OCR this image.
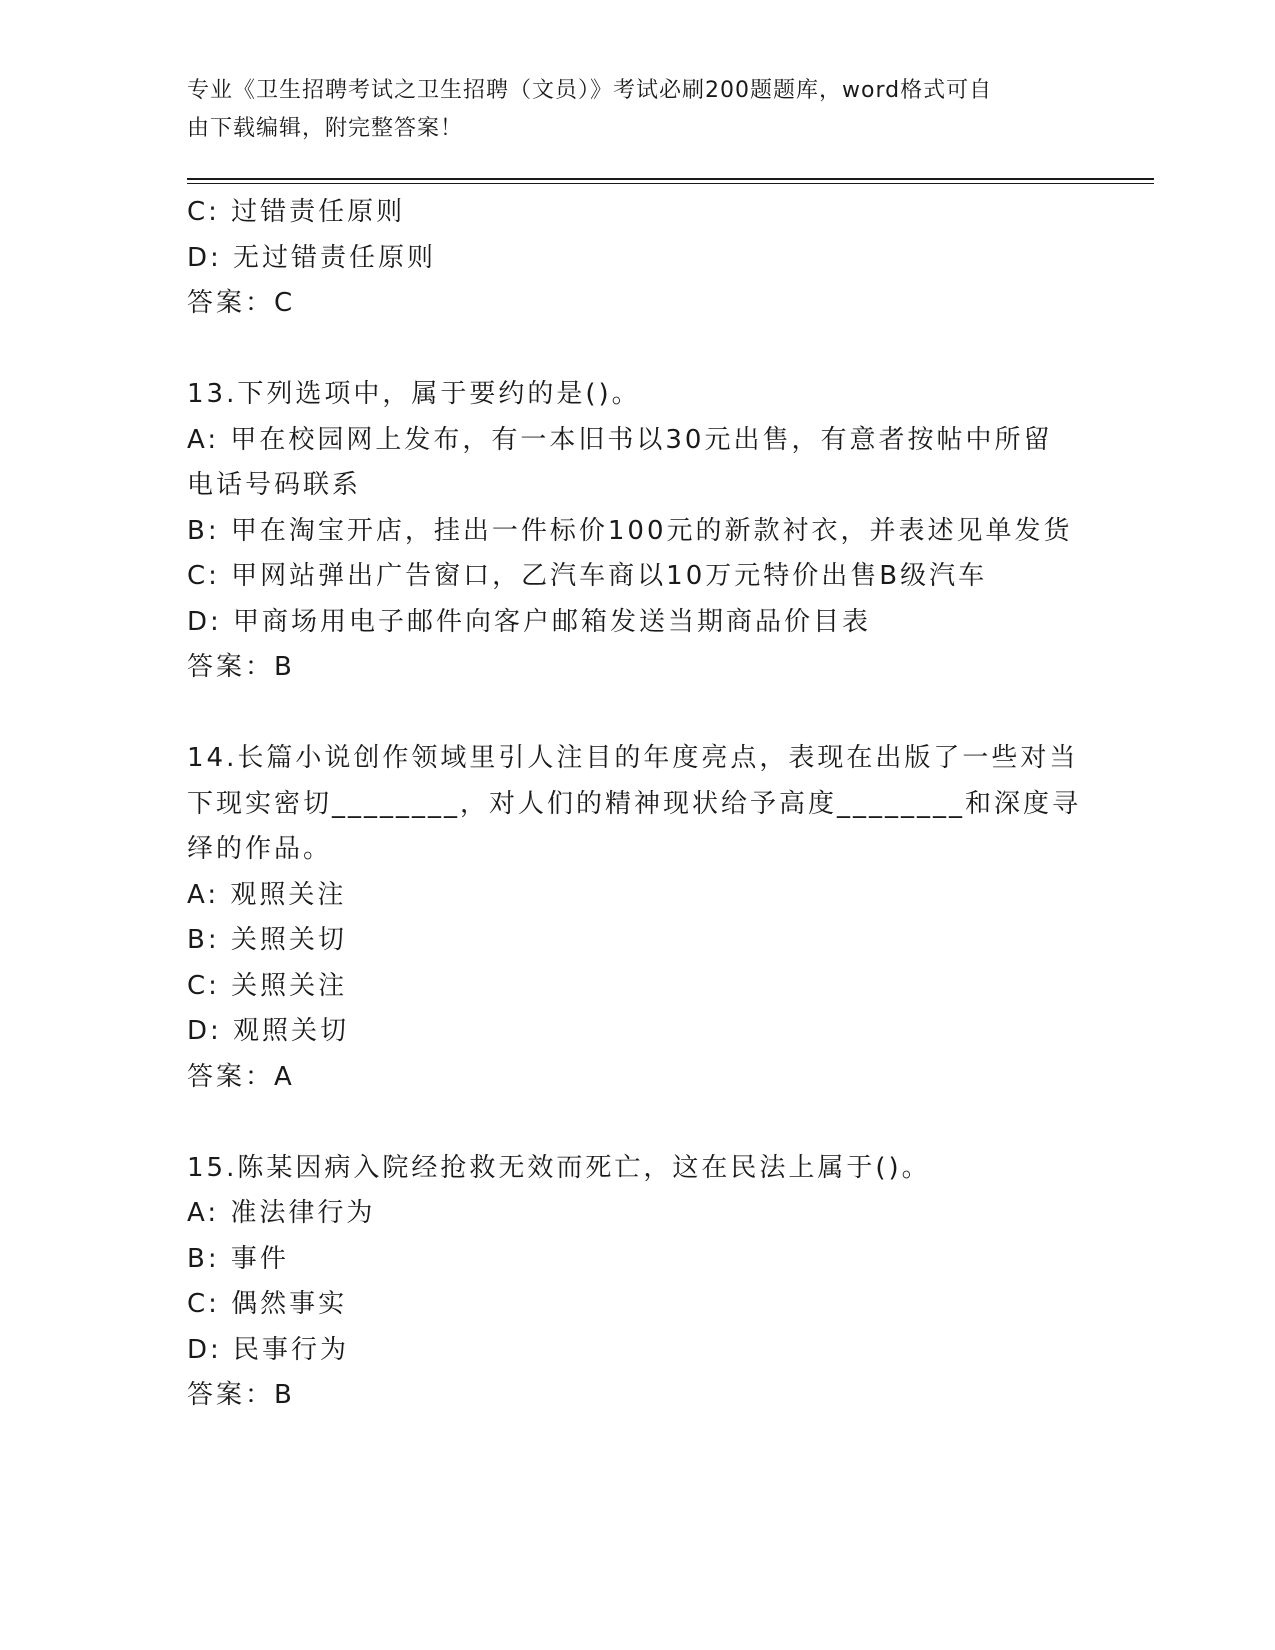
专业《卫生招聘考试之卫生招聘（文员）》考试必刷200题题库，word格式可自
由下载编辑，附完整答案！
C: 过错责任原则
D: 无过错责任原则
答案：C
13.下列选项中，属于要约的是()。
A: 甲在校园网上发布，有一本旧书以30元出售，有意者按帖中所留
电话号码联系
B: 甲在淘宝开店，挂出一件标价100元的新款衬衣，并表述见单发货
C: 甲网站弹出广告窗口，乙汽车商以10万元特价出售B级汽车
D: 甲商场用电子邮件向客户邮箱发送当期商品价目表
答案：B
14.长篇小说创作领域里引人注目的年度亮点，表现在出版了一些对当
下现实密切________，对人们的精神现状给予高度________和深度寻
绎的作品。
A: 观照关注
B: 关照关切
C: 关照关注
D: 观照关切
答案：A
15.陈某因病入院经抢救无效而死亡，这在民法上属于()。
A: 准法律行为
B: 事件
C: 偶然事实
D: 民事行为
答案：B
